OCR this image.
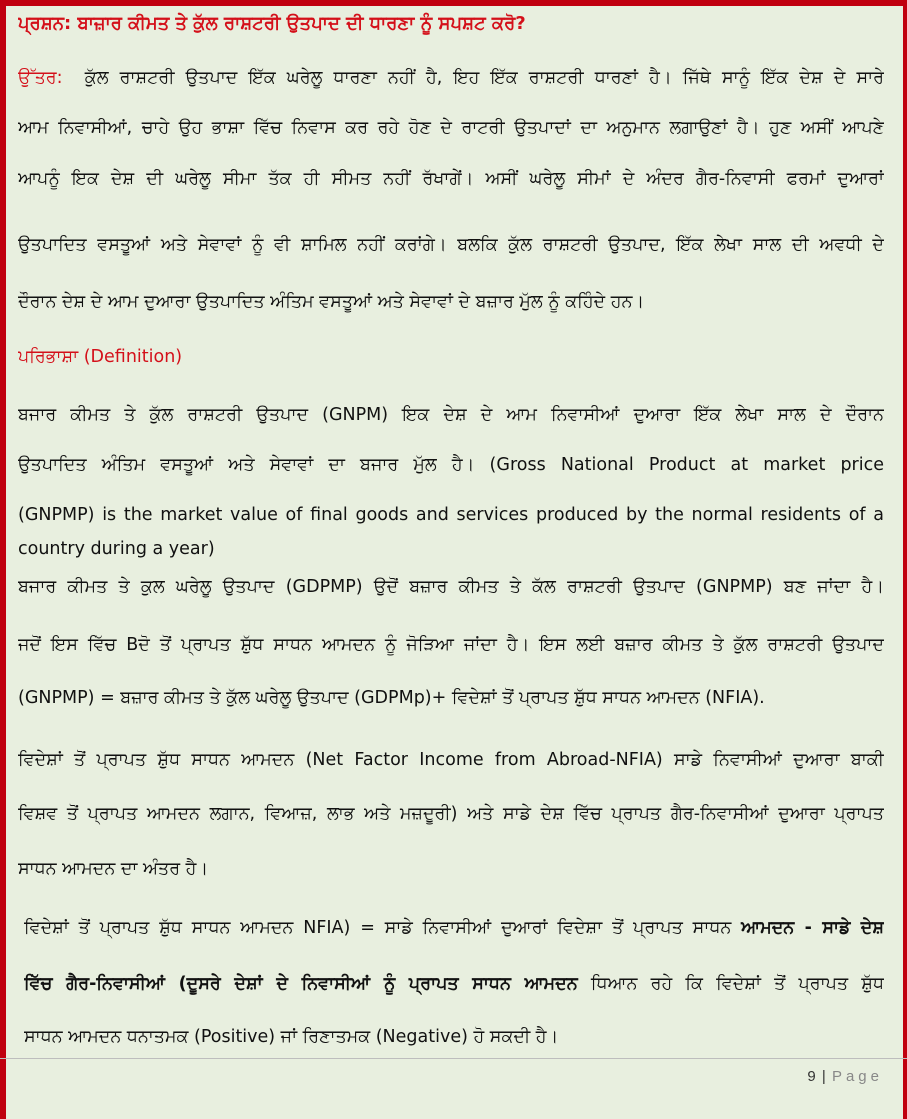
ਪ੍ਰਸ਼ਨ: ਬਾਜ਼ਾਰ ਕੀਮਤ ਤੇ ਕੁੱਲ ਰਾਸ਼ਟਰੀ ਉਤਪਾਦ ਦੀ ਧਾਰਣਾ ਨੂੰ ਸਪਸ਼ਟ ਕਰੋ?
ਉੱਤਰ: ਕੁੱਲ ਰਾਸ਼ਟਰੀ ਉਤਪਾਦ ਇੱਕ ਘਰੇਲੂ ਧਾਰਣਾ ਨਹੀਂ ਹੈ, ਇਹ ਇੱਕ ਰਾਸ਼ਟਰੀ ਧਾਰਣਾਂ ਹੈ। ਜਿੱਥੇ ਸਾਨੂੰ ਇੱਕ ਦੇਸ਼ ਦੇ ਸਾਰੇ
ਆਮ ਨਿਵਾਸੀਆਂ, ਚਾਹੇ ਉਹ ਭਾਸ਼ਾ ਵਿੱਚ ਨਿਵਾਸ ਕਰ ਰਹੇ ਹੋਣ ਦੇ ਰਾਟਰੀ ਉਤਪਾਦਾਂ ਦਾ ਅਨੁਮਾਨ ਲਗਾਉਣਾਂ ਹੈ। ਹੁਣ ਅਸੀਂ ਆਪਣੇ
ਆਪਨੂੰ ਇਕ ਦੇਸ਼ ਦੀ ਘਰੇਲੂ ਸੀਮਾ ਤੱਕ ਹੀ ਸੀਮਤ ਨਹੀਂ ਰੱਖਾਗੇਂ। ਅਸੀਂ ਘਰੇਲੂ ਸੀਮਾਂ ਦੇ ਅੰਦਰ ਗੈਰ-ਨਿਵਾਸੀ ਫਰਮਾਂ ਦੁਆਰਾਂ
ਉਤਪਾਦਿਤ ਵਸਤੂਆਂ ਅਤੇ ਸੇਵਾਵਾਂ ਨੂੰ ਵੀ ਸ਼ਾਮਿਲ ਨਹੀਂ ਕਰਾਂਗੇ। ਬਲਕਿ ਕੁੱਲ ਰਾਸ਼ਟਰੀ ਉਤਪਾਦ, ਇੱਕ ਲੇਖਾ ਸਾਲ ਦੀ ਅਵਧੀ ਦੇ
ਦੌਰਾਨ ਦੇਸ਼ ਦੇ ਆਮ ਦੁਆਰਾ ਉਤਪਾਦਿਤ ਅੰਤਿਮ ਵਸਤੂਆਂ ਅਤੇ ਸੇਵਾਵਾਂ ਦੇ ਬਜ਼ਾਰ ਮੁੱਲ ਨੂੰ ਕਹਿੰਦੇ ਹਨ।
ਪਰਿਭਾਸ਼ਾ (Definition)
ਬਜਾਰ ਕੀਮਤ ਤੇ ਕੁੱਲ ਰਾਸ਼ਟਰੀ ਉਤਪਾਦ (GNPM) ਇਕ ਦੇਸ਼ ਦੇ ਆਮ ਨਿਵਾਸੀਆਂ ਦੁਆਰਾ ਇੱਕ ਲੇਖਾ ਸਾਲ ਦੇ ਦੌਰਾਨ
ਉਤਪਾਦਿਤ ਅੰਤਿਮ ਵਸਤੂਆਂ ਅਤੇ ਸੇਵਾਵਾਂ ਦਾ ਬਜਾਰ ਮੁੱਲ ਹੈ। (Gross National Product at market price
(GNPMP) is the market value of final goods and services produced by the normal residents of a
country during a year)
ਬਜਾਰ ਕੀਮਤ ਤੇ ਕੁਲ ਘਰੇਲੂ ਉਤਪਾਦ (GDPMP) ਉਦੋਂ ਬਜ਼ਾਰ ਕੀਮਤ ਤੇ ਕੱਲ ਰਾਸ਼ਟਰੀ ਉਤਪਾਦ (GNPMP) ਬਣ ਜਾਂਦਾ ਹੈ।
ਜਦੋਂ ਇਸ ਵਿੱਚ Bਦੋ ਤੋਂ ਪ੍ਰਾਪਤ ਸ਼ੁੱਧ ਸਾਧਨ ਆਮਦਨ ਨੂੰ ਜੋੜਿਆ ਜਾਂਦਾ ਹੈ। ਇਸ ਲਈ ਬਜ਼ਾਰ ਕੀਮਤ ਤੇ ਕੁੱਲ ਰਾਸ਼ਟਰੀ ਉਤਪਾਦ
(GNPMP) = ਬਜ਼ਾਰ ਕੀਮਤ ਤੇ ਕੁੱਲ ਘਰੇਲੂ ਉਤਪਾਦ (GDPMp)+ ਵਿਦੇਸ਼ਾਂ ਤੋਂ ਪ੍ਰਾਪਤ ਸ਼ੁੱਧ ਸਾਧਨ ਆਮਦਨ (NFIA).
ਵਿਦੇਸ਼ਾਂ ਤੋਂ ਪ੍ਰਾਪਤ ਸ਼ੁੱਧ ਸਾਧਨ ਆਮਦਨ (Net Factor Income from Abroad-NFIA) ਸਾਡੇ ਨਿਵਾਸੀਆਂ ਦੁਆਰਾ ਬਾਕੀ
ਵਿਸ਼ਵ ਤੋਂ ਪ੍ਰਾਪਤ ਆਮਦਨ ਲਗਾਨ, ਵਿਆਜ਼, ਲਾਭ ਅਤੇ ਮਜ਼ਦੂਰੀ) ਅਤੇ ਸਾਡੇ ਦੇਸ਼ ਵਿੱਚ ਪ੍ਰਾਪਤ ਗੈਰ-ਨਿਵਾਸੀਆਂ ਦੁਆਰਾ ਪ੍ਰਾਪਤ
ਸਾਧਨ ਆਮਦਨ ਦਾ ਅੰਤਰ ਹੈ।
ਵਿਦੇਸ਼ਾਂ ਤੋਂ ਪ੍ਰਾਪਤ ਸ਼ੁੱਧ ਸਾਧਨ ਆਮਦਨ NFIA) = ਸਾਡੇ ਨਿਵਾਸੀਆਂ ਦੁਆਰਾਂ ਵਿਦੇਸ਼ਾ ਤੋਂ ਪ੍ਰਾਪਤ ਸਾਧਨ ਆਮਦਨ - ਸਾਡੇ ਦੇਸ਼
ਵਿੱਚ ਗੈਰ-ਨਿਵਾਸੀਆਂ (ਦੂਸਰੇ ਦੇਸ਼ਾਂ ਦੇ ਨਿਵਾਸੀਆਂ ਨੂੰ ਪ੍ਰਾਪਤ ਸਾਧਨ ਆਮਦਨ ਧਿਆਨ ਰਹੇ ਕਿ ਵਿਦੇਸ਼ਾਂ ਤੋਂ ਪ੍ਰਾਪਤ ਸ਼ੁੱਧ
ਸਾਧਨ ਆਮਦਨ ਧਨਾਤਮਕ (Positive) ਜਾਂ ਰਿਣਾਤਮਕ (Negative) ਹੋ ਸਕਦੀ ਹੈ।
9 | Page
